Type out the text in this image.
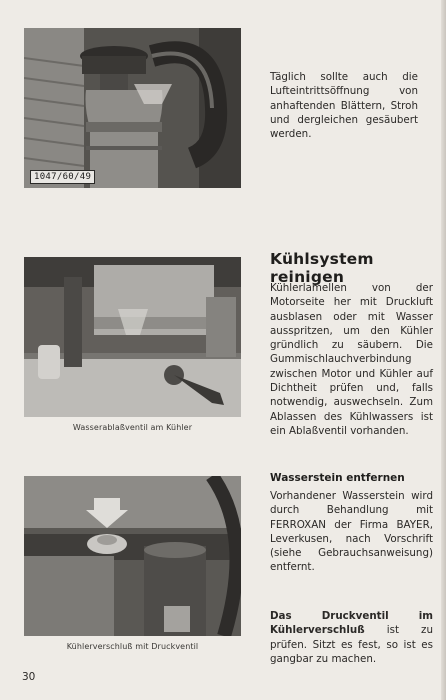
1047/60/49
Täglich sollte auch die Lufteintrittsöffnung von anhaftenden Blättern, Stroh und dergleichen gesäubert werden.
Wasserablaßventil am Kühler
Kühlsystem reinigen
Kühlerlamellen von der Motorseite her mit Druckluft ausblasen oder mit Wasser ausspritzen, um den Kühler gründlich zu säubern. Die Gummischlauchverbindung zwischen Motor und Kühler auf Dichtheit prüfen und, falls notwendig, auswechseln. Zum Ablassen des Kühlwassers ist ein Ablaßventil vorhanden.
Kühlerverschluß mit Druckventil
Wasserstein entfernen
Vorhandener Wasserstein wird durch Behandlung mit FERROXAN der Firma BAYER, Leverkusen, nach Vorschrift (siehe Gebrauchsanweisung) entfernt.
Das Druckventil im Kühlerverschluß ist zu prüfen. Sitzt es fest, so ist es gangbar zu machen.
30
